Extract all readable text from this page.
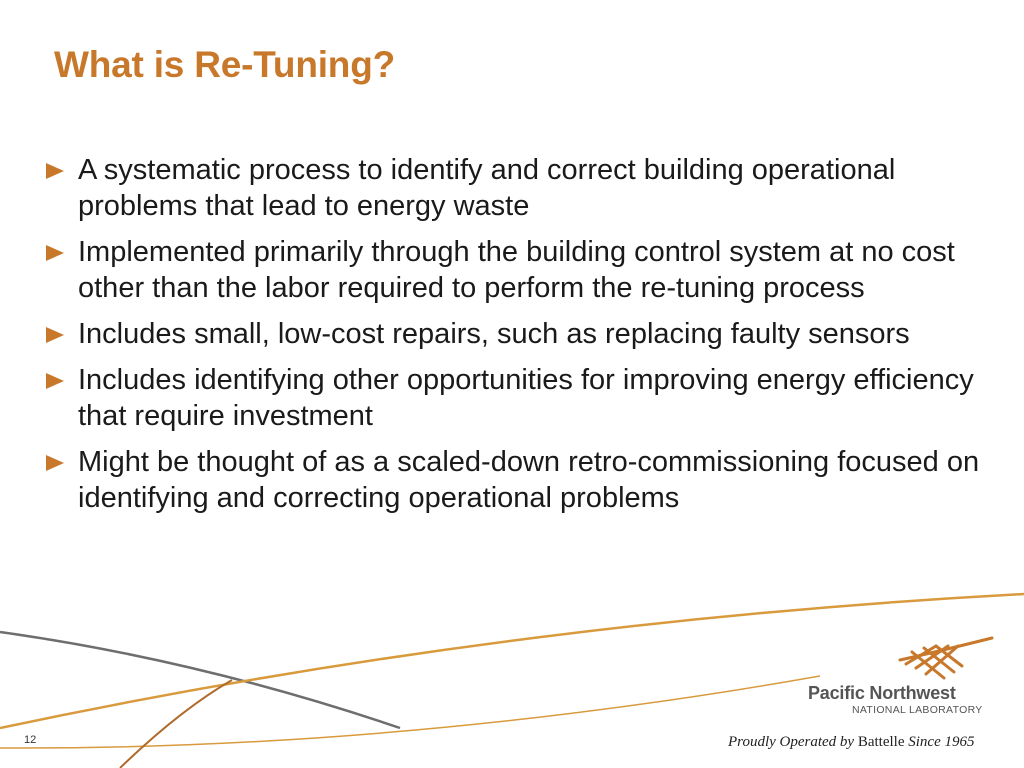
What is Re-Tuning?
A systematic process to identify and correct building operational problems that lead to energy waste
Implemented primarily through the building control system at no cost other than the labor required to perform the re-tuning process
Includes small, low-cost repairs, such as replacing faulty sensors
Includes identifying other opportunities for improving energy efficiency that require investment
Might be thought of as a scaled-down retro-commissioning focused on identifying and correcting operational problems
Pacific Northwest
NATIONAL LABORATORY
Proudly Operated by Battelle Since 1965
12
